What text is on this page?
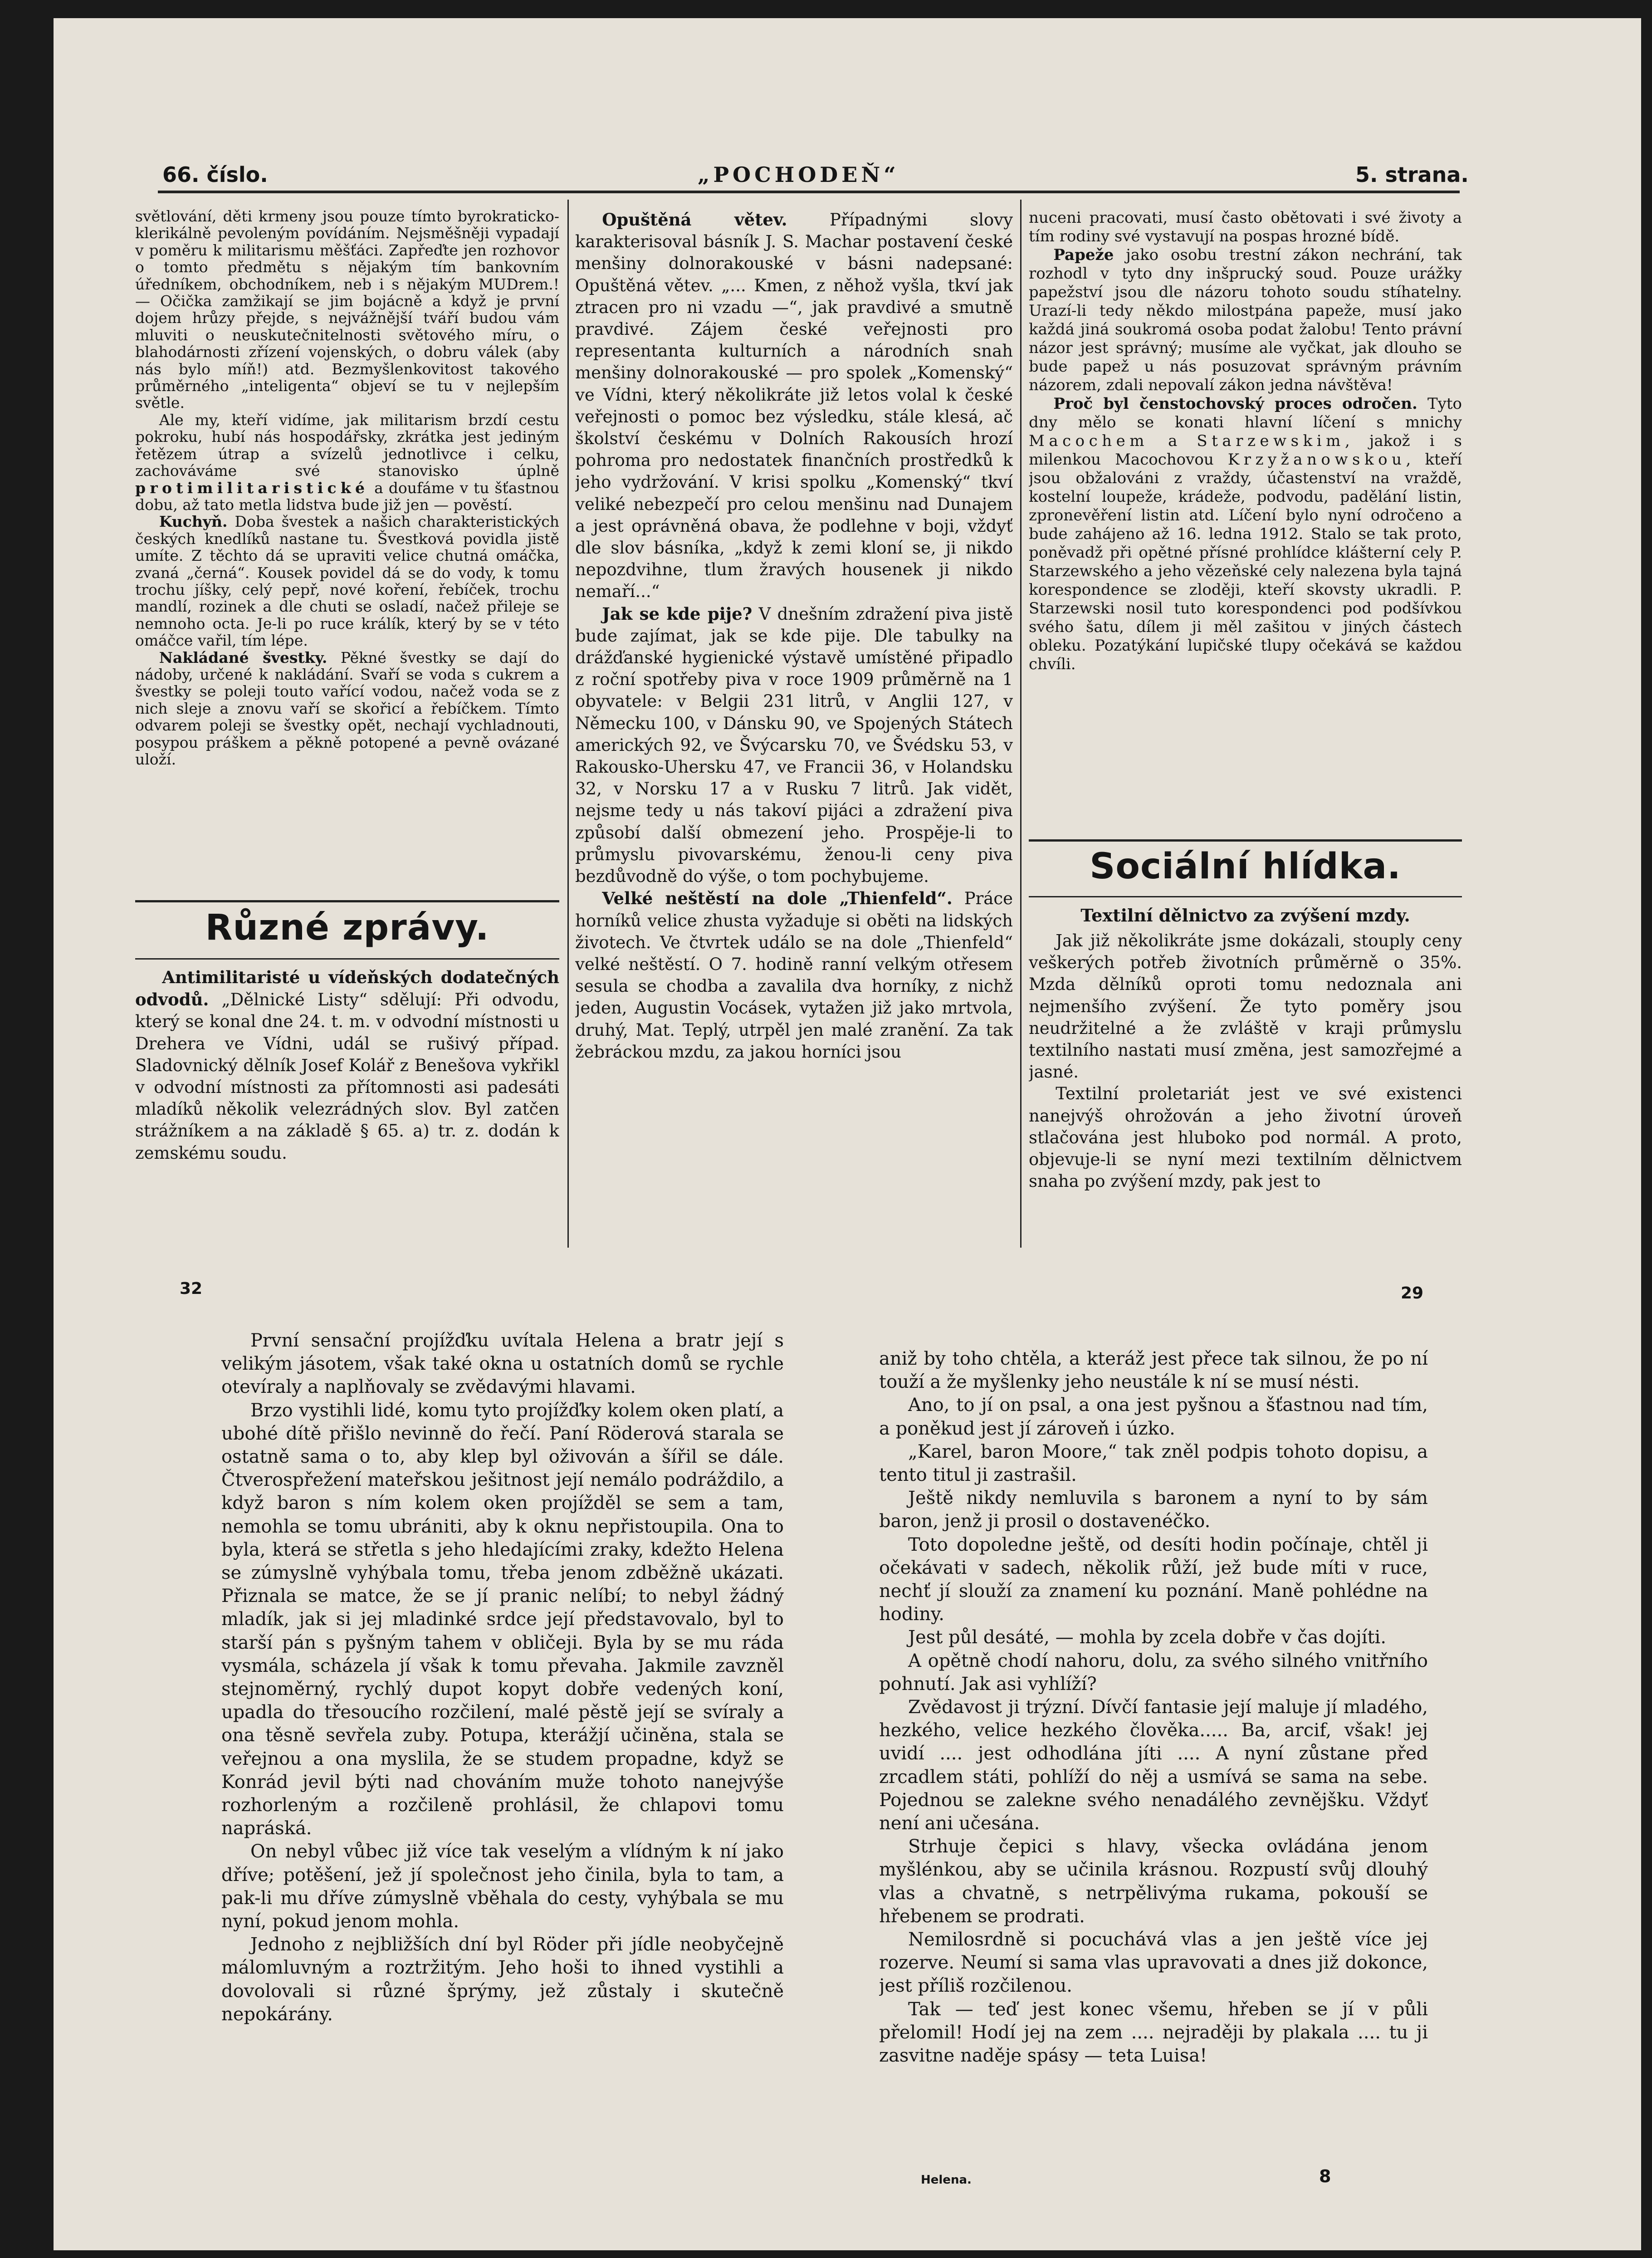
66. číslo.	„POCHODEŇ“	5. strana.

světlování, děti krmeny jsou pouze tímto byrokraticko-klerikálně pevoleným povídáním. Nejsměšněji vypadají v poměru k militarismu měšťáci. Zapřeďte jen rozhovor o tomto předmětu s nějakým tím bankovním úředníkem, obchodníkem, neb i s nějakým MUDrem.! — Očička zamžikají se jim bojácně a když je první dojem hrůzy přejde, s nejvážnější tváří budou vám mluviti o neuskutečnitelnosti světového míru, o blahodárnosti zřízení vojenských, o dobru válek (aby nás bylo míň!) atd. Bezmyšlenkovitost takového průměrného „inteligenta“ objeví se tu v nejlepším světle.

Ale my, kteří vidíme, jak militarism brzdí cestu pokroku, hubí nás hospodářsky, zkrátka jest jediným řetězem útrap a svízelů jednotlivce i celku, zachováváme své stanovisko úplně protimilitaristické a doufáme v tu šťastnou dobu, až tato metla lidstva bude již jen — pověstí.

Kuchyň. Doba švestek a našich charakteristických českých knedlíků nastane tu. Švestková povidla jistě umíte. Z těchto dá se upraviti velice chutná omáčka, zvaná „černá“. Kousek povidel dá se do vody, k tomu trochu jíšky, celý pepř, nové koření, řebíček, trochu mandlí, rozinek a dle chuti se osladí, načež přileje se nemnoho octa. Je-li po ruce králík, který by se v této omáčce vařil, tím lépe.

Nakládané švestky. Pěkné švestky se dají do nádoby, určené k nakládání. Svaří se voda s cukrem a švestky se poleji touto vařící vodou, načež voda se z nich sleje a znovu vaří se skořicí a řebíčkem. Tímto odvarem poleji se švestky opět, nechají vychladnouti, posypou práškem a pěkně potopené a pevně ovázané uloží.

Různé zprávy.

Antimilitaristé u vídeňských dodatečných odvodů. „Dělnické Listy“ sdělují: Při odvodu, který se konal dne 24. t. m. v odvodní místnosti u Drehera ve Vídni, udál se rušivý případ. Sladovnický dělník Josef Kolář z Benešova vykřikl v odvodní místnosti za přítomnosti asi padesáti mladíků několik velezrádných slov. Byl zatčen strážníkem a na základě § 65. a) tr. z. dodán k zemskému soudu.

Opuštěná větev. Případnými slovy karakterisoval básník J. S. Machar postavení české menšiny dolnorakouské v básni nadepsané: Opuštěná větev. „... Kmen, z něhož vyšla, tkví jak ztracen pro ni vzadu —“, jak pravdivé a smutně pravdivé. Zájem české veřejnosti pro representanta kulturních a národních snah menšiny dolnorakouské — pro spolek „Komenský“ ve Vídni, který několikráte již letos volal k české veřejnosti o pomoc bez výsledku, stále klesá, ač školství českému v Dolních Rakousích hrozí pohroma pro nedostatek finančních prostředků k jeho vydržování. V krisi spolku „Komenský“ tkví veliké nebezpečí pro celou menšinu nad Dunajem a jest oprávněná obava, že podlehne v boji, vždyť dle slov básníka, „když k zemi kloní se, ji nikdo nepozdvihne, tlum žravých housenek ji nikdo nemaří...“

Jak se kde pije? V dnešním zdražení piva jistě bude zajímat, jak se kde pije. Dle tabulky na drážďanské hygienické výstavě umístěné připadlo z roční spotřeby piva v roce 1909 průměrně na 1 obyvatele: v Belgii 231 litrů, v Anglii 127, v Německu 100, v Dánsku 90, ve Spojených Státech amerických 92, ve Švýcarsku 70, ve Švédsku 53, v Rakousko-Uhersku 47, ve Francii 36, v Holandsku 32, v Norsku 17 a v Rusku 7 litrů. Jak vidět, nejsme tedy u nás takoví pijáci a zdražení piva způsobí další obmezení jeho. Prospěje-li to průmyslu pivovarskému, ženou-li ceny piva bezdůvodně do výše, o tom pochybujeme.

Velké neštěstí na dole „Thienfeld“. Práce horníků velice zhusta vyžaduje si oběti na lidských životech. Ve čtvrtek událo se na dole „Thienfeld“ velké neštěstí. O 7. hodině ranní velkým otřesem sesula se chodba a zavalila dva horníky, z nichž jeden, Augustin Vocásek, vytažen již jako mrtvola, druhý, Mat. Teplý, utrpěl jen malé zranění. Za tak žebráckou mzdu, za jakou horníci jsou

nuceni pracovati, musí často obětovati i své životy a tím rodiny své vystavují na pospas hrozné bídě.

Papeže jako osobu trestní zákon nechrání, tak rozhodl v tyto dny inšprucký soud. Pouze urážky papežství jsou dle názoru tohoto soudu stíhatelny. Urazí-li tedy někdo milostpána papeže, musí jako každá jiná soukromá osoba podat žalobu! Tento právní názor jest správný; musíme ale vyčkat, jak dlouho se bude papež u nás posuzovat správným právním názorem, zdali nepovalí zákon jedna návštěva!

Proč byl čenstochovský proces odročen. Tyto dny mělo se konati hlavní líčení s mnichy Macochem a Starzewskim, jakož i s milenkou Macochovou Krzyžanowskou, kteří jsou obžalováni z vraždy, účastenství na vraždě, kostelní loupeže, krádeže, podvodu, padělání listin, zpronevěření listin atd. Líčení bylo nyní odročeno a bude zahájeno až 16. ledna 1912. Stalo se tak proto, poněvadž při opětné přísné prohlídce klášterní cely P. Starzewského a jeho vězeňské cely nalezena byla tajná korespondence se zloději, kteří skovsty ukradli. P. Starzewski nosil tuto korespondenci pod podšívkou svého šatu, dílem ji měl zašitou v jiných částech obleku. Pozatýkání lupičské tlupy očekává se každou chvíli.

Sociální hlídka.
Textilní dělnictvo za zvýšení mzdy.

Jak již několikráte jsme dokázali, stouply ceny veškerých potřeb životních průměrně o 35%. Mzda dělníků oproti tomu nedoznala ani nejmenšího zvýšení. Že tyto poměry jsou neudržitelné a že zvláště v kraji průmyslu textilního nastati musí změna, jest samozřejmé a jasné.

Textilní proletariát jest ve své existenci nanejvýš ohrožován a jeho životní úroveň stlačována jest hluboko pod normál. A proto, objevuje-li se nyní mezi textilním dělnictvem snaha po zvýšení mzdy, pak jest to

32	29

První sensační projížďku uvítala Helena a bratr její s velikým jásotem, však také okna u ostatních domů se rychle otevíraly a naplňovaly se zvědavými hlavami.

Brzo vystihli lidé, komu tyto projížďky kolem oken platí, a ubohé dítě přišlo nevinně do řečí. Paní Röderová starala se ostatně sama o to, aby klep byl oživován a šířil se dále. Čtverospřežení mateřskou ješitnost její nemálo podráždilo, a když baron s ním kolem oken projížděl se sem a tam, nemohla se tomu ubrániti, aby k oknu nepřistoupila. Ona to byla, která se střetla s jeho hledajícími zraky, kdežto Helena se zúmyslně vyhýbala tomu, třeba jenom zdběžně ukázati. Přiznala se matce, že se jí pranic nelíbí; to nebyl žádný mladík, jak si jej mladinké srdce její představovalo, byl to starší pán s pyšným tahem v obličeji. Byla by se mu ráda vysmála, scházela jí však k tomu převaha. Jakmile zavzněl stejnoměrný, rychlý dupot kopyt dobře vedených koní, upadla do třesoucího rozčilení, malé pěstě její se svíraly a ona těsně sevřela zuby. Potupa, kterážjí učiněna, stala se veřejnou a ona myslila, že se studem propadne, když se Konrád jevil býti nad chováním muže tohoto nanejvýše rozhorleným a rozčileně prohlásil, že chlapovi tomu napráská.

On nebyl vůbec již více tak veselým a vlídným k ní jako dříve; potěšení, jež jí společnost jeho činila, byla to tam, a pak-li mu dříve zúmyslně vběhala do cesty, vyhýbala se mu nyní, pokud jenom mohla.

Jednoho z nejbližších dní byl Röder při jídle neobyčejně málomluvným a roztržitým. Jeho hoši to ihned vystihli a dovolovali si různé šprýmy, jež zůstaly i skutečně nepokárány.

aniž by toho chtěla, a kteráž jest přece tak silnou, že po ní touží a že myšlenky jeho neustále k ní se musí nésti.

Ano, to jí on psal, a ona jest pyšnou a šťastnou nad tím, a poněkud jest jí zároveň i úzko.

„Karel, baron Moore,“ tak zněl podpis tohoto dopisu, a tento titul ji zastrašil.

Ještě nikdy nemluvila s baronem a nyní to by sám baron, jenž ji prosil o dostavenéčko.

Toto dopoledne ještě, od desíti hodin počínaje, chtěl ji očekávati v sadech, několik růží, jež bude míti v ruce, nechť jí slouží za znamení ku poznání. Maně pohlédne na hodiny.

Jest půl desáté, — mohla by zcela dobře v čas dojíti.

A opětně chodí nahoru, dolu, za svého silného vnitřního pohnutí. Jak asi vyhlíží?

Zvědavost ji trýzní. Dívčí fantasie její maluje jí mladého, hezkého, velice hezkého člověka..... Ba, arcif, však! jej uvidí .... jest odhodlána jíti .... A nyní zůstane před zrcadlem státi, pohlíží do něj a usmívá se sama na sebe. Pojednou se zalekne svého nenadálého zevnějšku. Vždyť není ani učesána.

Strhuje čepici s hlavy, všecka ovládána jenom myšlénkou, aby se učinila krásnou. Rozpustí svůj dlouhý vlas a chvatně, s netrpělivýma rukama, pokouší se hřebenem se prodrati.

Nemilosrdně si pocuchává vlas a jen ještě více jej rozerve. Neumí si sama vlas upravovati a dnes již dokonce, jest příliš rozčilenou.

Tak — teď jest konec všemu, hřeben se jí v půli přelomil! Hodí jej na zem .... nejraději by plakala .... tu ji zasvitne naděje spásy — teta Luisa!

Helena.	8
